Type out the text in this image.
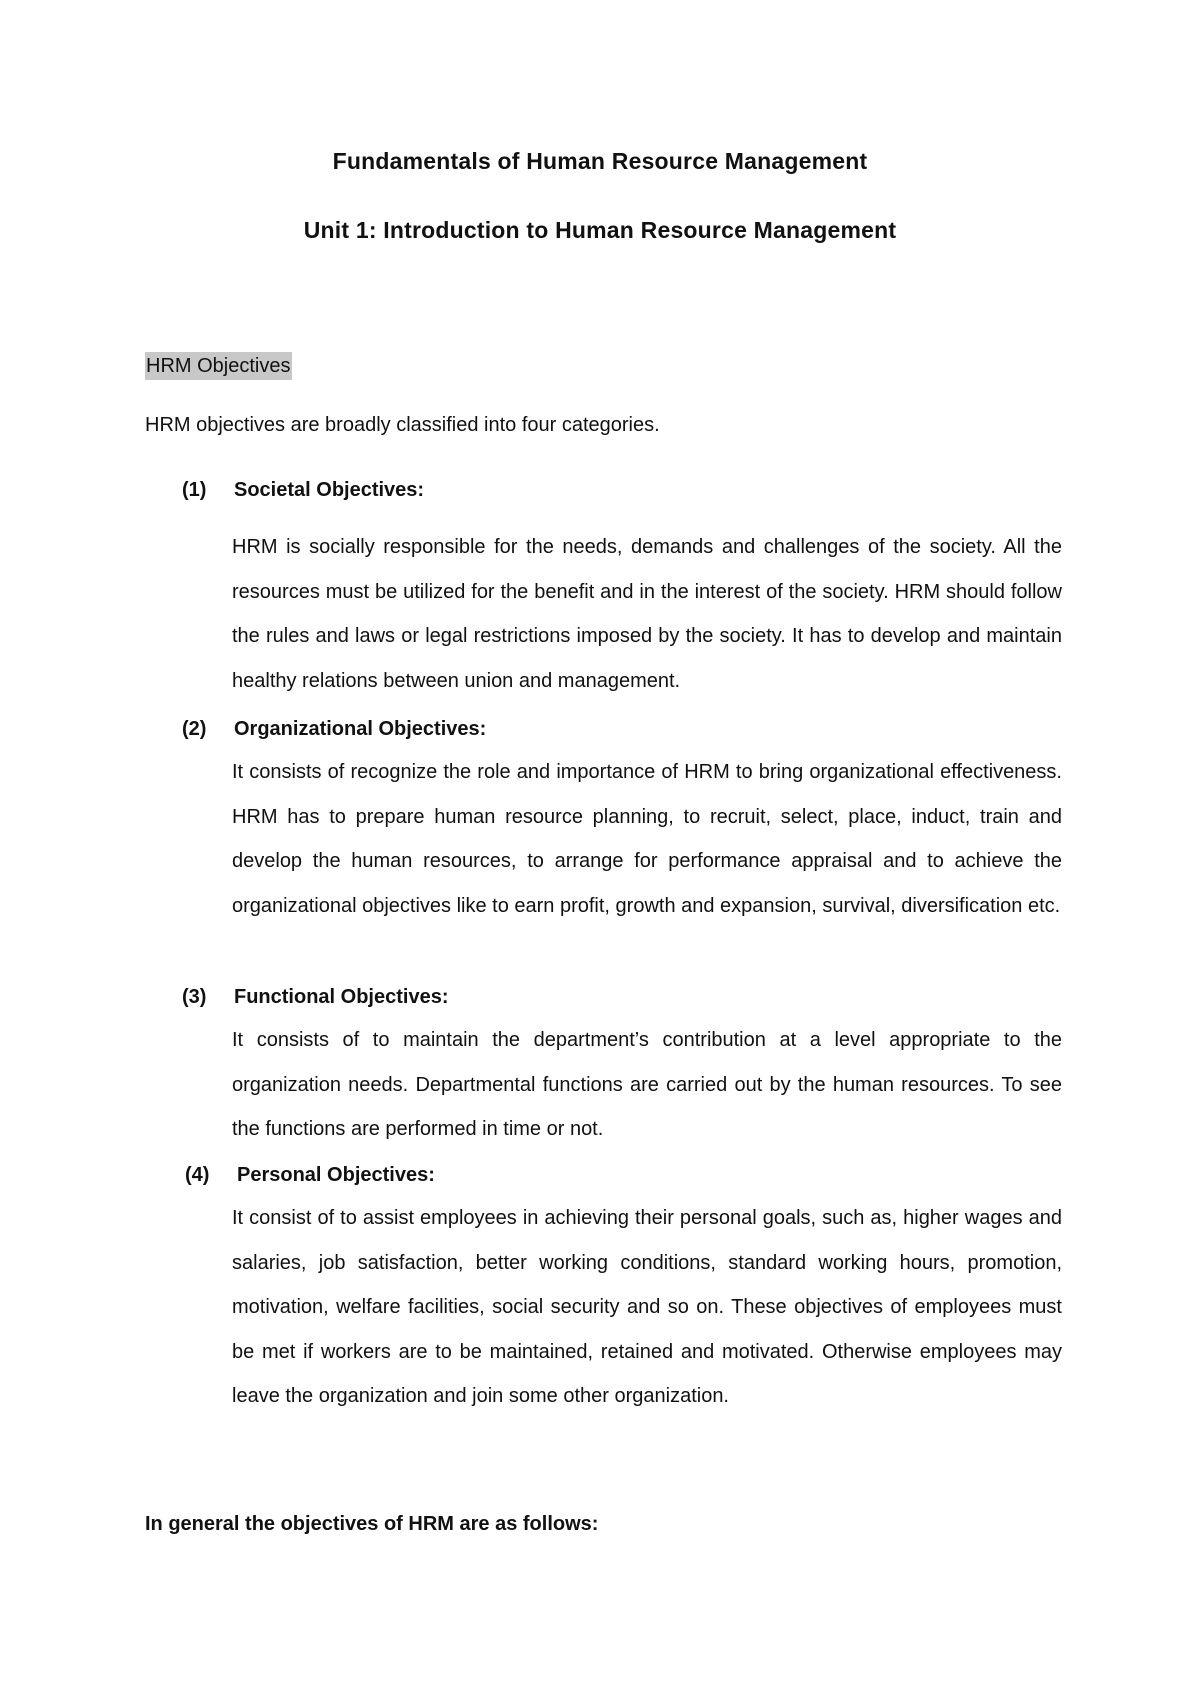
Fundamentals of Human Resource Management
Unit 1: Introduction to Human Resource Management
HRM Objectives
HRM objectives are broadly classified into four categories.
(1) Societal Objectives:
HRM is socially responsible for the needs, demands and challenges of the society. All the resources must be utilized for the benefit and in the interest of the society. HRM should follow the rules and laws or legal restrictions imposed by the society. It has to develop and maintain healthy relations between union and management.
(2) Organizational Objectives:
It consists of recognize the role and importance of HRM to bring organizational effectiveness. HRM has to prepare human resource planning, to recruit, select, place, induct, train and develop the human resources, to arrange for performance appraisal and to achieve the organizational objectives like to earn profit, growth and expansion, survival, diversification etc.
(3) Functional Objectives:
It consists of to maintain the department’s contribution at a level appropriate to the organization needs. Departmental functions are carried out by the human resources. To see the functions are performed in time or not.
(4) Personal Objectives:
It consist of to assist employees in achieving their personal goals, such as, higher wages and salaries, job satisfaction, better working conditions, standard working hours, promotion, motivation, welfare facilities, social security and so on. These objectives of employees must be met if workers are to be maintained, retained and motivated. Otherwise employees may leave the organization and join some other organization.
In general the objectives of HRM are as follows:
